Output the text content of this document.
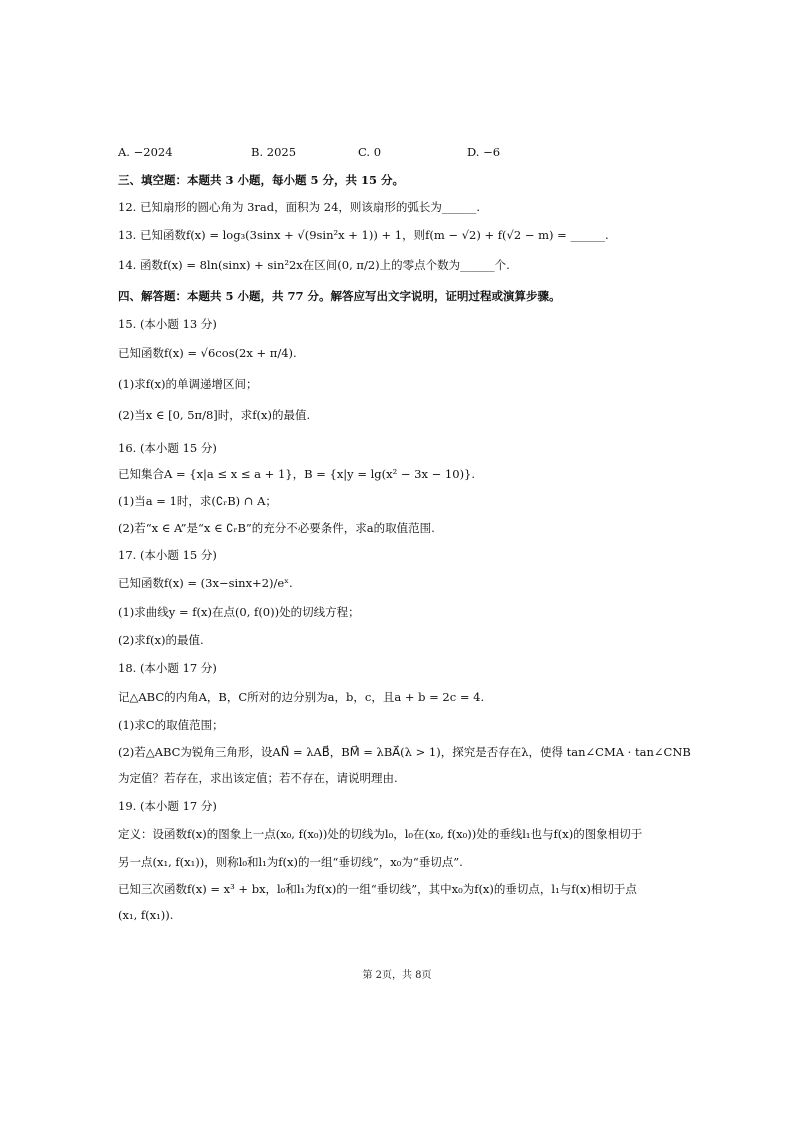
A. −2024	B. 2025	C. 0	D. −6
三、填空题：本题共 3 小题，每小题 5 分，共 15 分。
12. 已知扇形的圆心角为 3rad，面积为 24，则该扇形的弧长为______.
13. 已知函数f(x) = log₃(3sinx + √(9sin²x + 1)) + 1，则f(m − √2) + f(√2 − m) = ______.
14. 函数f(x) = 8ln(sinx) + sin²2x在区间(0, π/2)上的零点个数为______个.
四、解答题：本题共 5 小题，共 77 分。解答应写出文字说明，证明过程或演算步骤。
15. (本小题 13 分)
已知函数f(x) = √6cos(2x + π/4).
(1)求f(x)的单调递增区间；
(2)当x ∈ [0, 5π/8]时，求f(x)的最值.
16. (本小题 15 分)
已知集合A = {x|a ≤ x ≤ a + 1}，B = {x|y = lg(x² − 3x − 10)}.
(1)当a = 1时，求(∁ᵣB) ∩ A；
(2)若“x ∈ A”是“x ∈ ∁ᵣB”的充分不必要条件，求a的取值范围.
17. (本小题 15 分)
已知函数f(x) = (3x−sinx+2)/eˣ.
(1)求曲线y = f(x)在点(0, f(0))处的切线方程；
(2)求f(x)的最值.
18. (本小题 17 分)
记△ABC的内角A，B，C所对的边分别为a，b，c，且a + b = 2c = 4.
(1)求C的取值范围；
(2)若△ABC为锐角三角形，设AN⃗ = λAB⃗，BM⃗ = λBA⃗(λ > 1)，探究是否存在λ，使得 tan∠CMA · tan∠CNB
为定值？若存在，求出该定值；若不存在，请说明理由.
19. (本小题 17 分)
定义：设函数f(x)的图象上一点(x₀, f(x₀))处的切线为l₀，l₀在(x₀, f(x₀))处的垂线l₁也与f(x)的图象相切于
另一点(x₁, f(x₁))，则称l₀和l₁为f(x)的一组“垂切线”，x₀为“垂切点”.
已知三次函数f(x) = x³ + bx，l₀和l₁为f(x)的一组“垂切线”，其中x₀为f(x)的垂切点，l₁与f(x)相切于点
(x₁, f(x₁)).
第 2页，共 8页
